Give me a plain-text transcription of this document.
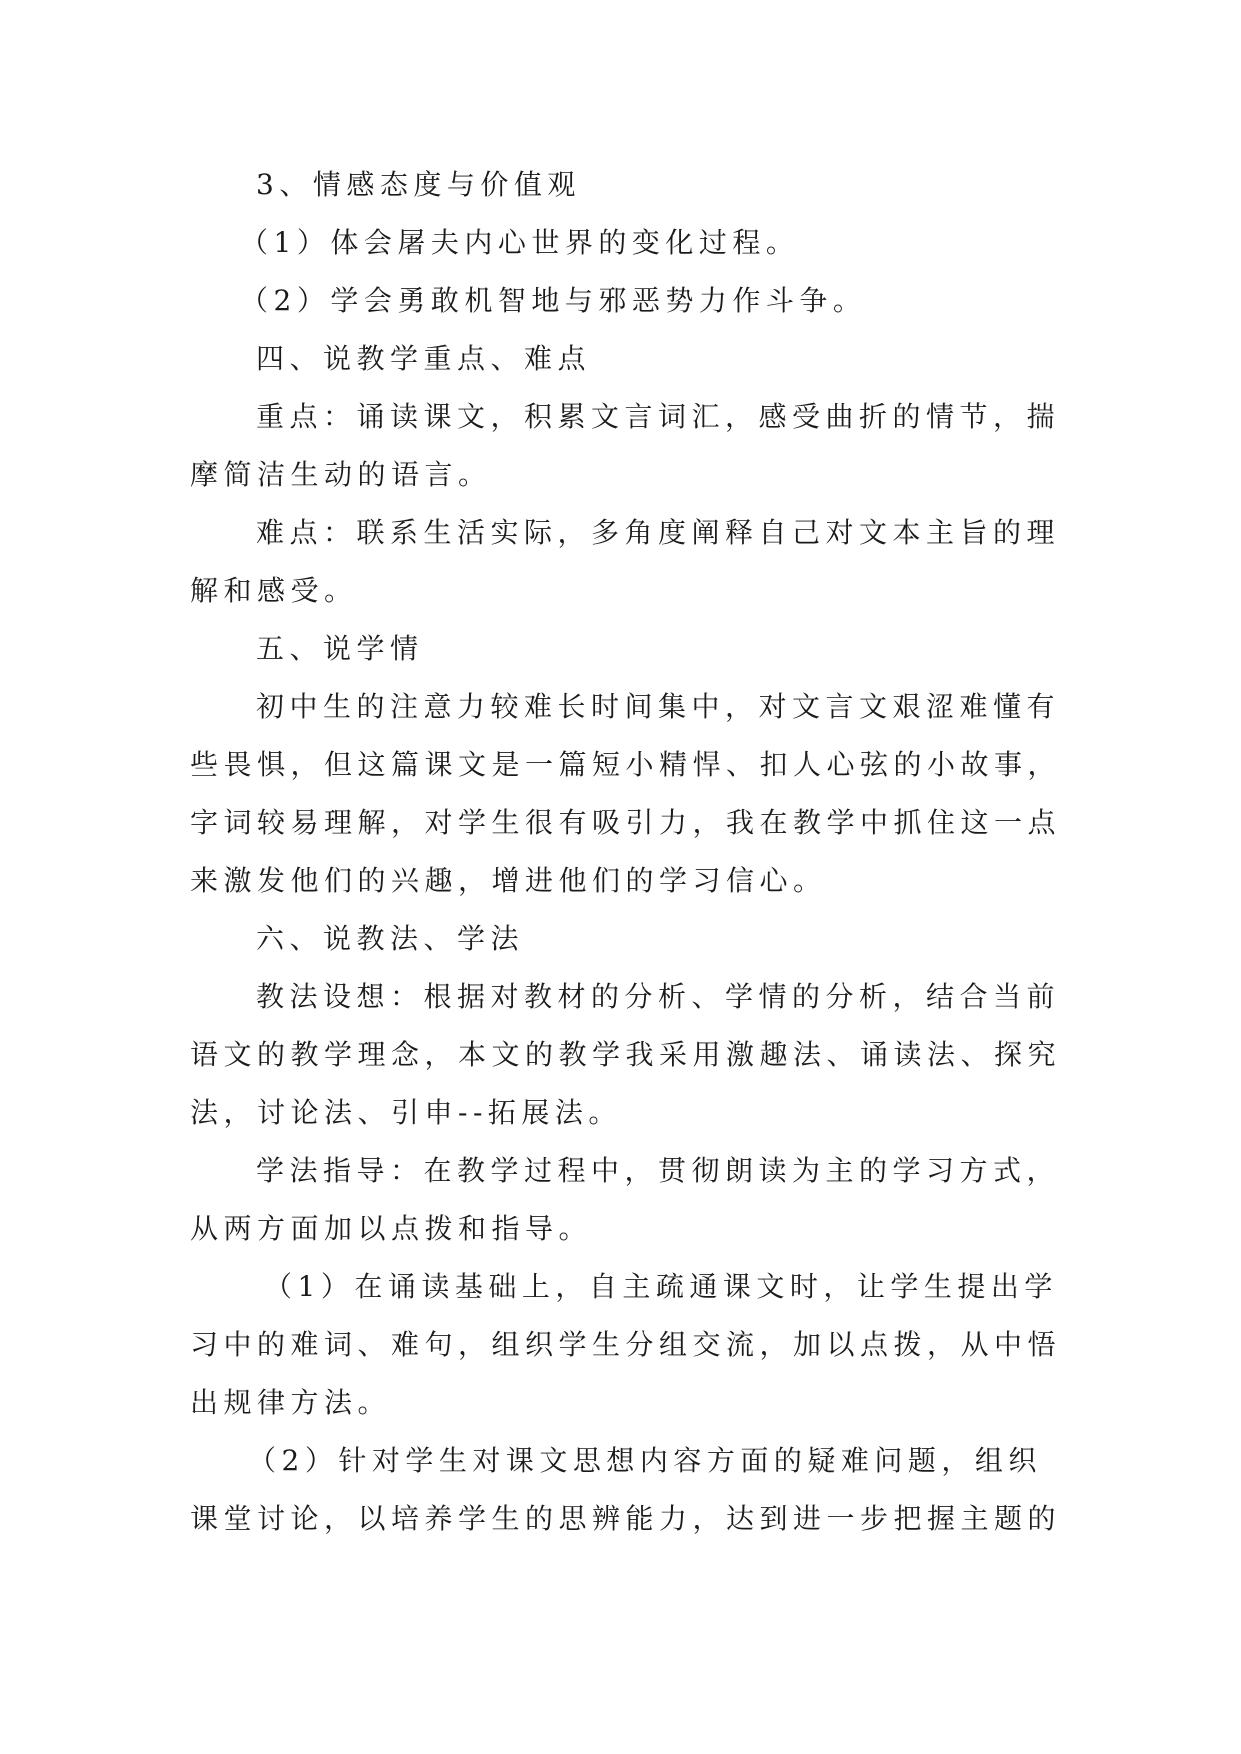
3、情感态度与价值观
（1）体会屠夫内心世界的变化过程。
（2）学会勇敢机智地与邪恶势力作斗争。
四、说教学重点、难点
重点：诵读课文，积累文言词汇，感受曲折的情节，揣
摩简洁生动的语言。
难点：联系生活实际，多角度阐释自己对文本主旨的理
解和感受。
五、说学情
初中生的注意力较难长时间集中，对文言文艰涩难懂有
些畏惧，但这篇课文是一篇短小精悍、扣人心弦的小故事，
字词较易理解，对学生很有吸引力，我在教学中抓住这一点
来激发他们的兴趣，增进他们的学习信心。
六、说教法、学法
教法设想：根据对教材的分析、学情的分析，结合当前
语文的教学理念，本文的教学我采用激趣法、诵读法、探究
法，讨论法、引申--拓展法。
学法指导：在教学过程中，贯彻朗读为主的学习方式，
从两方面加以点拨和指导。
（1）在诵读基础上，自主疏通课文时，让学生提出学
习中的难词、难句，组织学生分组交流，加以点拨，从中悟
出规律方法。
（2）针对学生对课文思想内容方面的疑难问题，组织
课堂讨论，以培养学生的思辨能力，达到进一步把握主题的
